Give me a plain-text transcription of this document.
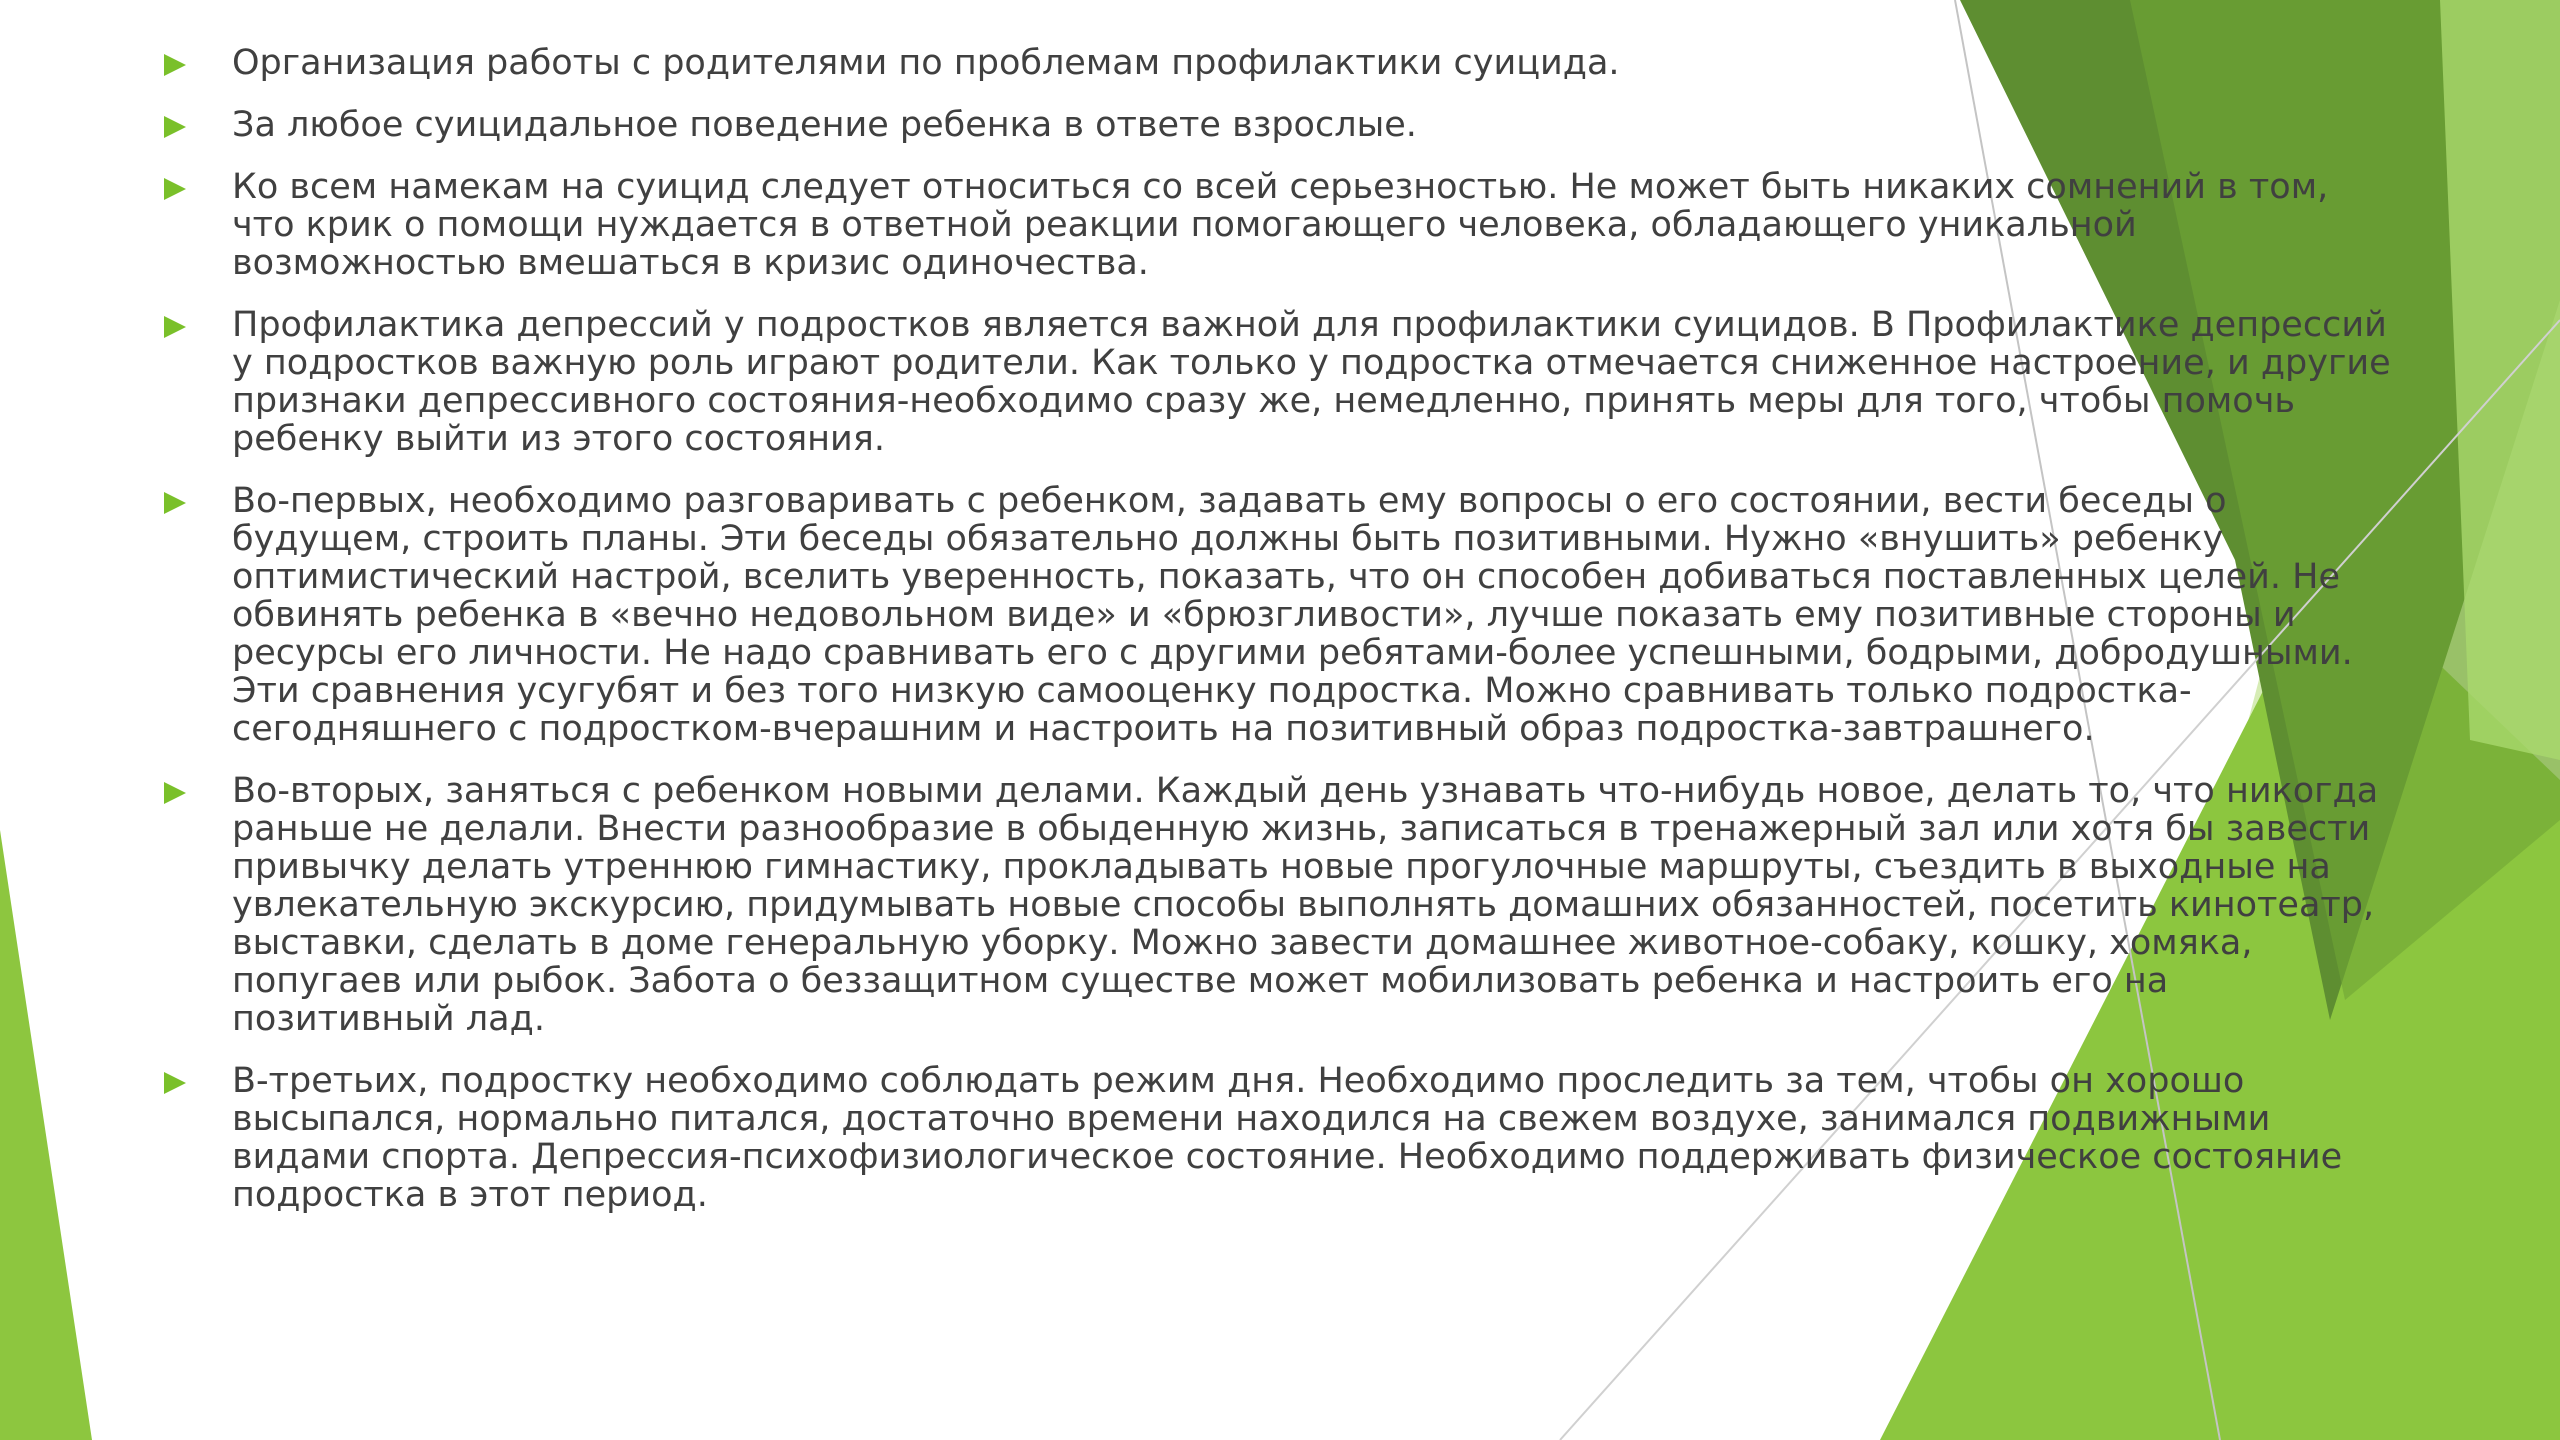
Организация работы с родителями по проблемам профилактики суицида.
За любое суицидальное поведение ребенка в ответе взрослые.
Ко всем намекам на суицид следует относиться со всей серьезностью. Не может быть никаких сомнений в том, что крик о помощи нуждается в ответной реакции помогающего человека, обладающего уникальной возможностью вмешаться в кризис одиночества.
Профилактика депрессий у подростков является важной для профилактики суицидов. В Профилактике депрессий у подростков важную роль играют родители. Как только у подростка отмечается сниженное настроение, и другие признаки депрессивного состояния-необходимо сразу же, немедленно, принять меры для того, чтобы помочь ребенку выйти из этого состояния.
Во-первых, необходимо разговаривать с ребенком, задавать ему вопросы о его состоянии, вести беседы о будущем, строить планы. Эти беседы обязательно должны быть позитивными. Нужно «внушить» ребенку оптимистический настрой, вселить уверенность, показать, что он способен добиваться поставленных целей. Не обвинять ребенка в «вечно недовольном виде» и «брюзгливости», лучше показать ему позитивные стороны и ресурсы его личности. Не надо сравнивать его с другими ребятами-более успешными, бодрыми, добродушными. Эти сравнения усугубят и без того низкую самооценку подростка. Можно сравнивать только подростка-сегодняшнего с подростком-вчерашним и настроить на позитивный образ подростка-завтрашнего.
Во-вторых, заняться с ребенком новыми делами. Каждый день узнавать что-нибудь новое, делать то, что никогда раньше не делали. Внести разнообразие в обыденную жизнь, записаться в тренажерный зал или хотя бы завести привычку делать утреннюю гимнастику, прокладывать новые прогулочные маршруты, съездить в выходные на увлекательную экскурсию, придумывать новые способы выполнять домашних обязанностей, посетить кинотеатр, выставки, сделать в доме генеральную уборку. Можно завести домашнее животное-собаку, кошку, хомяка, попугаев или рыбок. Забота о беззащитном существе может мобилизовать ребенка и настроить его на позитивный лад.
В-третьих, подростку необходимо соблюдать режим дня. Необходимо проследить за тем, чтобы он хорошо высыпался, нормально питался, достаточно времени находился на свежем воздухе, занимался подвижными видами спорта. Депрессия-психофизиологическое состояние. Необходимо поддерживать физическое состояние подростка в этот период.
